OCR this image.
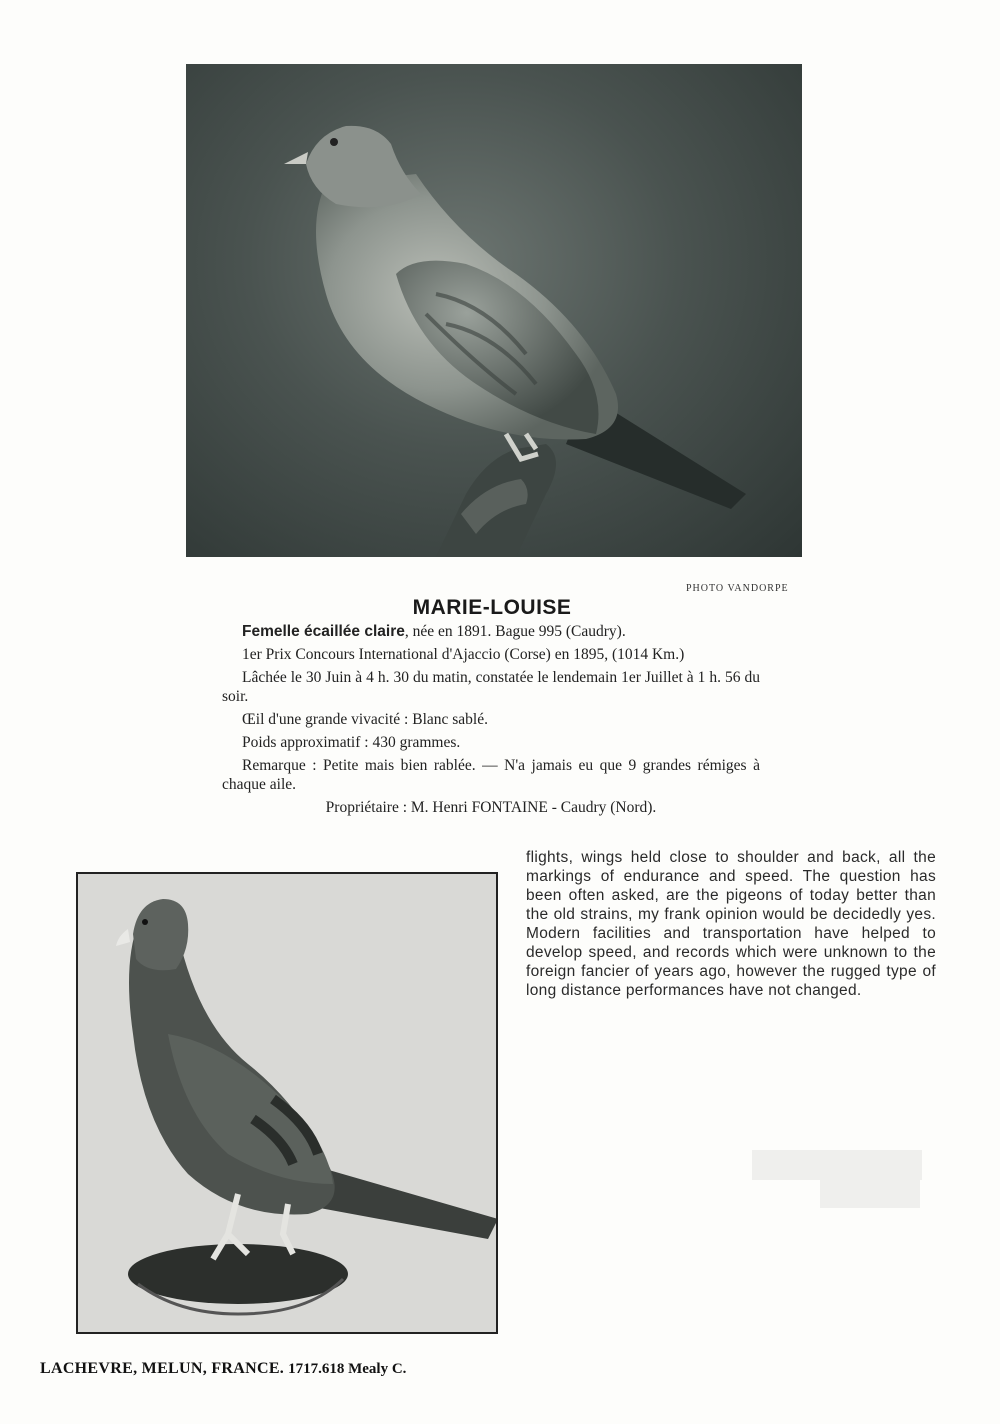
PHOTO VANDORPE
MARIE-LOUISE

Femelle écaillée claire, née en 1891. Bague 995 (Caudry).

1er Prix Concours International d'Ajaccio (Corse) en 1895, (1014 Km.)

Lâchée le 30 Juin à 4 h. 30 du matin, constatée le lendemain 1er Juillet à 1 h. 56 du soir.

Œil d'une grande vivacité : Blanc sablé.

Poids approximatif : 430 grammes.

Remarque : Petite mais bien rablée. — N'a jamais eu que 9 grandes rémiges à chaque aile.

Propriétaire : M. Henri FONTAINE - Caudry (Nord).

flights, wings held close to shoulder and back, all the markings of endurance and speed. The question has been often asked, are the pigeons of today better than the old strains, my frank opinion would be decidedly yes. Modern facilities and transportation have helped to develop speed, and records which were unknown to the foreign fancier of years ago, however the rugged type of long distance performances have not changed.

LACHEVRE, MELUN, FRANCE. 1717.618 Mealy C.
